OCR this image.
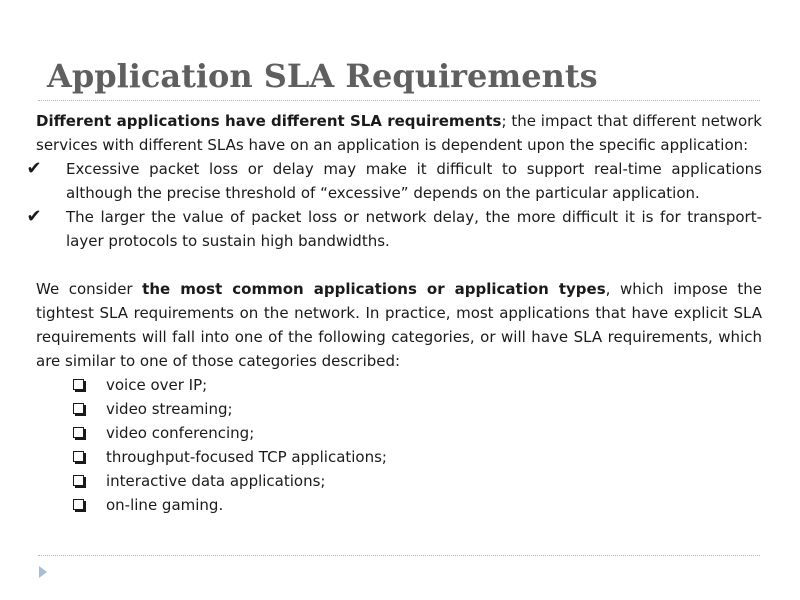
Application SLA Requirements

Different applications have different SLA requirements; the impact that different network services with different SLAs have on an application is dependent upon the specific application:

✔ Excessive packet loss or delay may make it difficult to support real-time applications although the precise threshold of “excessive” depends on the particular application.
✔ The larger the value of packet loss or network delay, the more difficult it is for transport-layer protocols to sustain high bandwidths.

We consider the most common applications or application types, which impose the tightest SLA requirements on the network. In practice, most applications that have explicit SLA requirements will fall into one of the following categories, or will have SLA requirements, which are similar to one of those categories described:

voice over IP;
video streaming;
video conferencing;
throughput-focused TCP applications;
interactive data applications;
on-line gaming.
